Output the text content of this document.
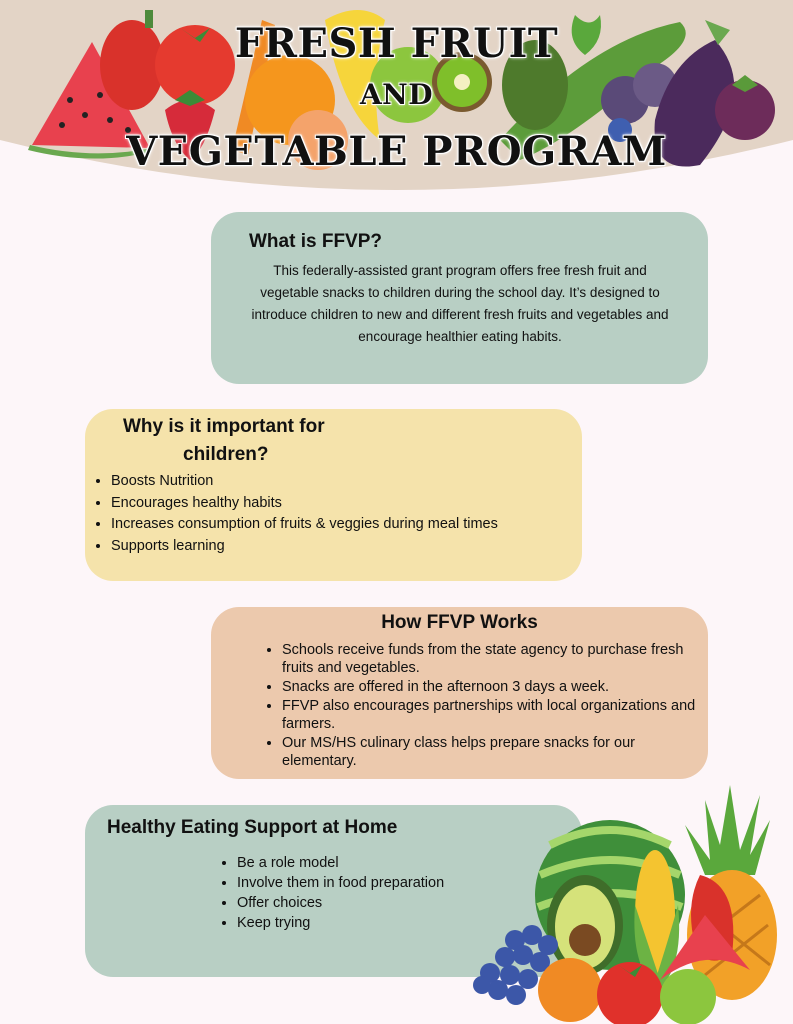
FRESH FRUIT
AND
VEGETABLE PROGRAM
What is FFVP?

This federally-assisted grant program offers free fresh fruit and vegetable snacks to children during the school day. It’s designed to introduce children to new and different fresh fruits and vegetables and encourage healthier eating habits.

Why is it important for
children?
• Boosts Nutrition
• Encourages healthy habits
• Increases consumption of fruits & veggies during meal times
• Supports learning
How FFVP Works
• Schools receive funds from the state agency to purchase fresh fruits and vegetables.
• Snacks are offered in the afternoon 3 days a week.
• FFVP also encourages partnerships with local organizations and farmers.
• Our MS/HS culinary class helps prepare snacks for our elementary.
Healthy Eating Support at Home
• Be a role model
• Involve them in food preparation
• Offer choices
• Keep trying
